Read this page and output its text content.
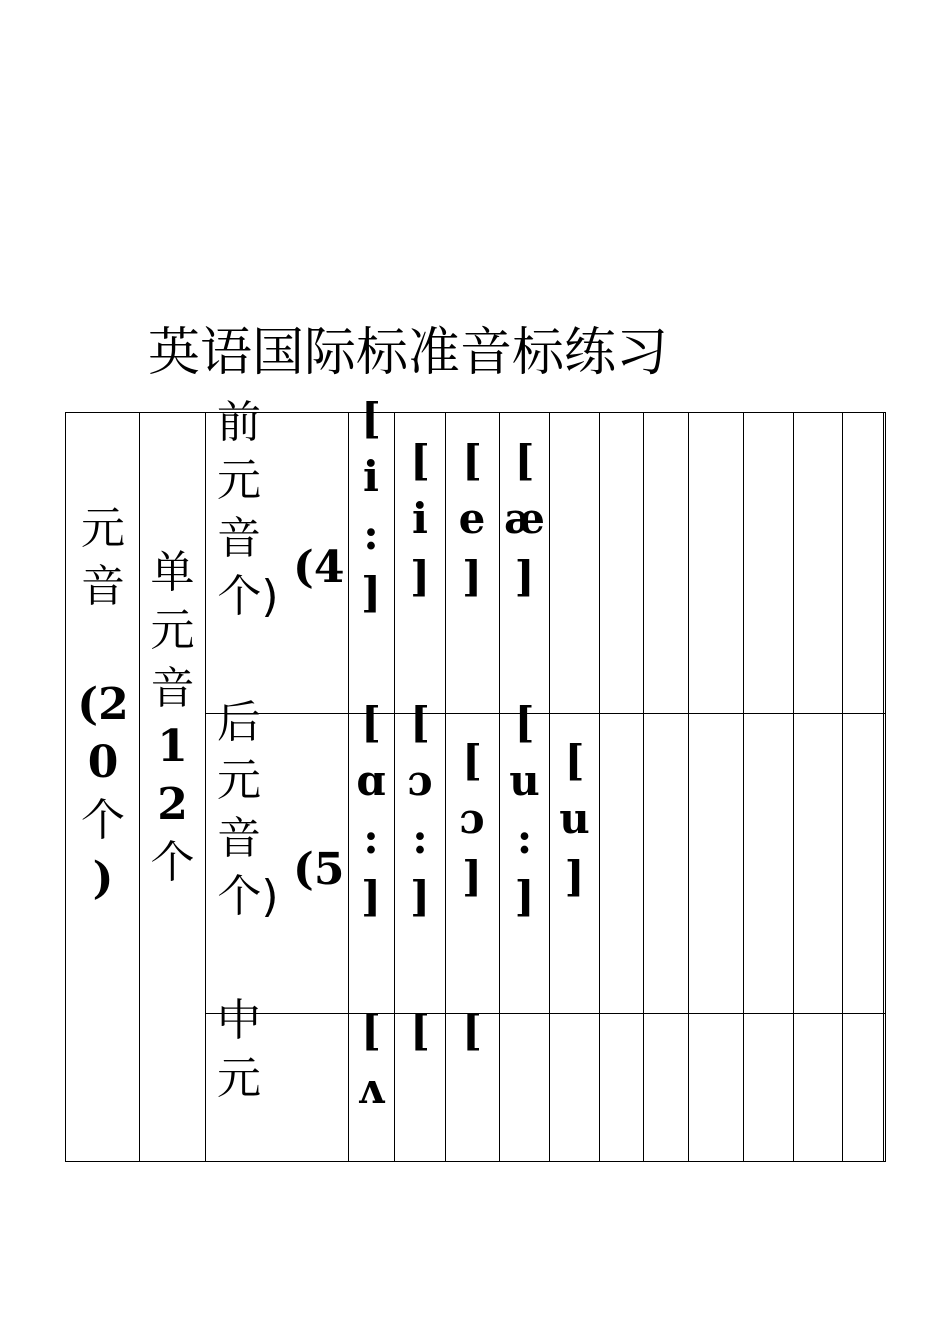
英语国际标准音标练习
元
音
(2
0
个
)
单
元
音
1
2
个
前
元
音
个)
(4
后
元
音
个)
(5
中
元
[
i
:
]
[
i
]
[
e
]
[
æ
]
[
ɑ
:
]
[
ɔ
:
]
[
ɔ
]
[
u
:
]
[
u
]
[
ʌ
[ [
